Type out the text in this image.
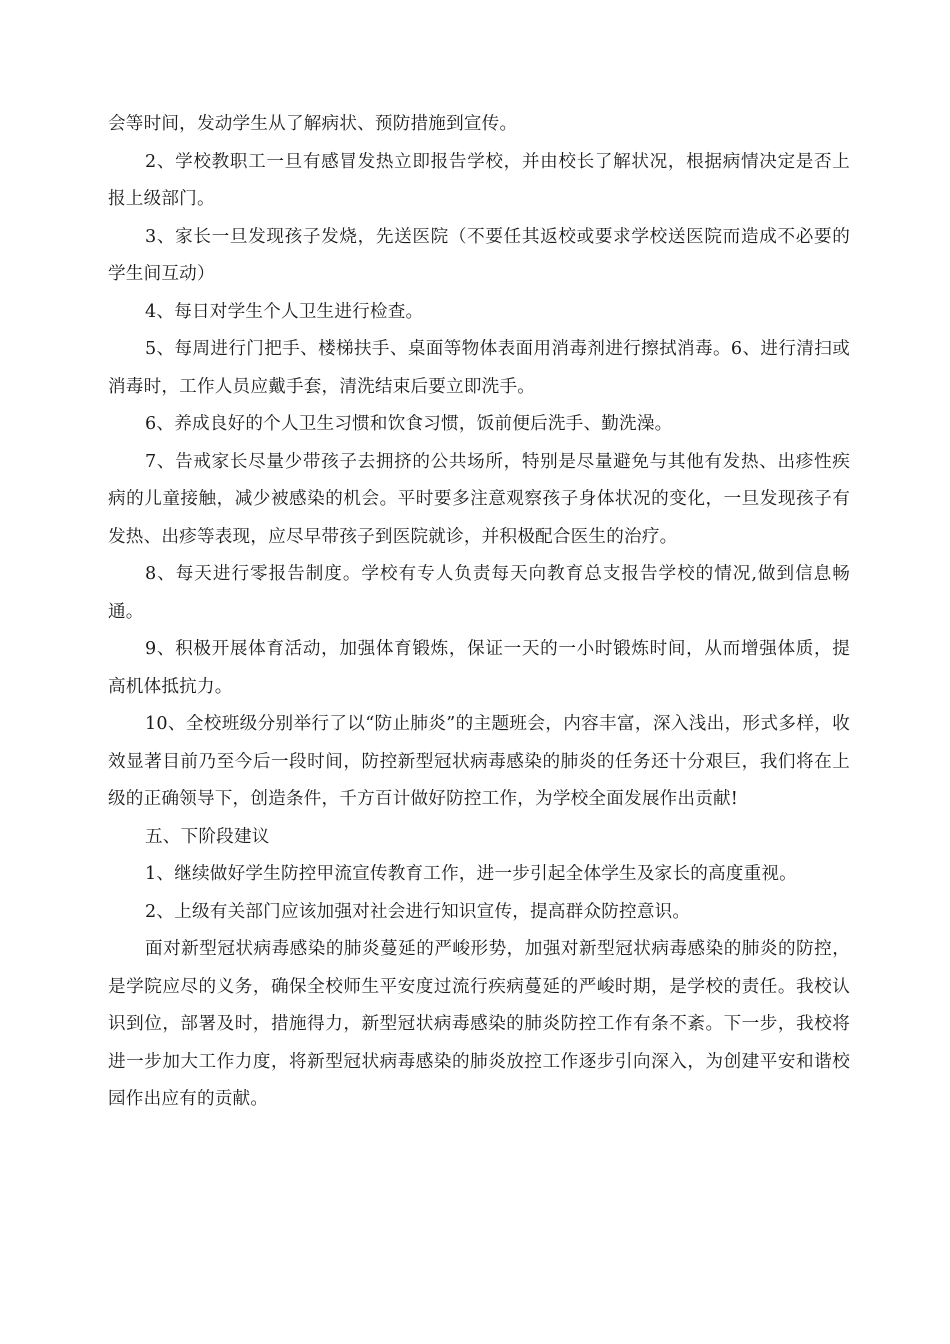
会等时间，发动学生从了解病状、预防措施到宣传。

2、学校教职工一旦有感冒发热立即报告学校，并由校长了解状况，根据病情决定是否上报上级部门。

3、家长一旦发现孩子发烧，先送医院（不要任其返校或要求学校送医院而造成不必要的学生间互动）

4、每日对学生个人卫生进行检查。

5、每周进行门把手、楼梯扶手、桌面等物体表面用消毒剂进行擦拭消毒。6、进行清扫或消毒时，工作人员应戴手套，清洗结束后要立即洗手。

6、养成良好的个人卫生习惯和饮食习惯，饭前便后洗手、勤洗澡。

7、告戒家长尽量少带孩子去拥挤的公共场所，特别是尽量避免与其他有发热、出疹性疾病的儿童接触，减少被感染的机会。平时要多注意观察孩子身体状况的变化，一旦发现孩子有发热、出疹等表现，应尽早带孩子到医院就诊，并积极配合医生的治疗。

8、每天进行零报告制度。学校有专人负责每天向教育总支报告学校的情况,做到信息畅通。

9、积极开展体育活动，加强体育锻炼，保证一天的一小时锻炼时间，从而增强体质，提高机体抵抗力。

10、全校班级分别举行了以“防止肺炎”的主题班会，内容丰富，深入浅出，形式多样，收效显著目前乃至今后一段时间，防控新型冠状病毒感染的肺炎的任务还十分艰巨，我们将在上级的正确领导下，创造条件，千方百计做好防控工作，为学校全面发展作出贡献!

五、下阶段建议

1、继续做好学生防控甲流宣传教育工作，进一步引起全体学生及家长的高度重视。

2、上级有关部门应该加强对社会进行知识宣传，提高群众防控意识。

面对新型冠状病毒感染的肺炎蔓延的严峻形势，加强对新型冠状病毒感染的肺炎的防控，是学院应尽的义务，确保全校师生平安度过流行疾病蔓延的严峻时期，是学校的责任。我校认识到位，部署及时，措施得力，新型冠状病毒感染的肺炎防控工作有条不紊。下一步，我校将进一步加大工作力度，将新型冠状病毒感染的肺炎放控工作逐步引向深入，为创建平安和谐校园作出应有的贡献。
